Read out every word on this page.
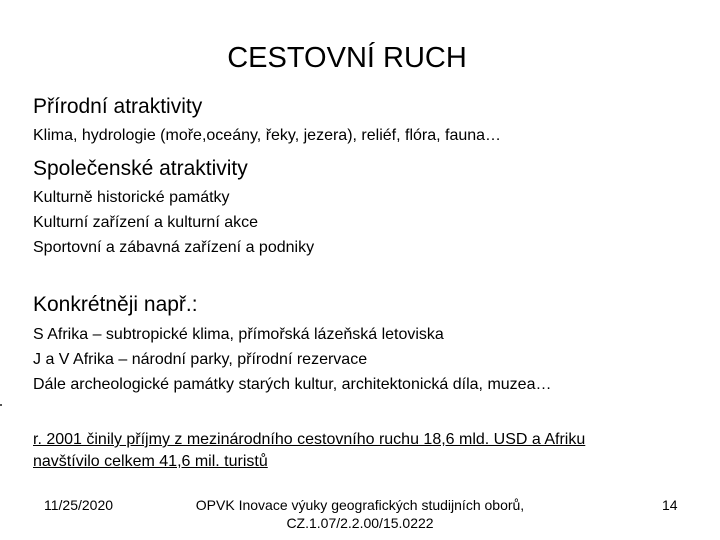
CESTOVNÍ RUCH

Přírodní atraktivity

Klima, hydrologie (moře,oceány, řeky, jezera), reliéf, flóra, fauna…

Společenské atraktivity

Kulturně historické památky

Kulturní zařízení a kulturní akce

Sportovní a zábavná zařízení a podniky

Konkrétněji např.:

S Afrika – subtropické klima, přímořská lázeňská letoviska

J a V Afrika – národní parky, přírodní rezervace

Dále archeologické památky starých kultur, architektonická díla, muzea…

r. 2001 činily příjmy z mezinárodního cestovního ruchu 18,6 mld. USD a Afriku

navštívilo celkem 41,6 mil. turistů

11/25/2020	OPVK Inovace výuky geografických studijních oborů,
CZ.1.07/2.2.00/15.0222

14
